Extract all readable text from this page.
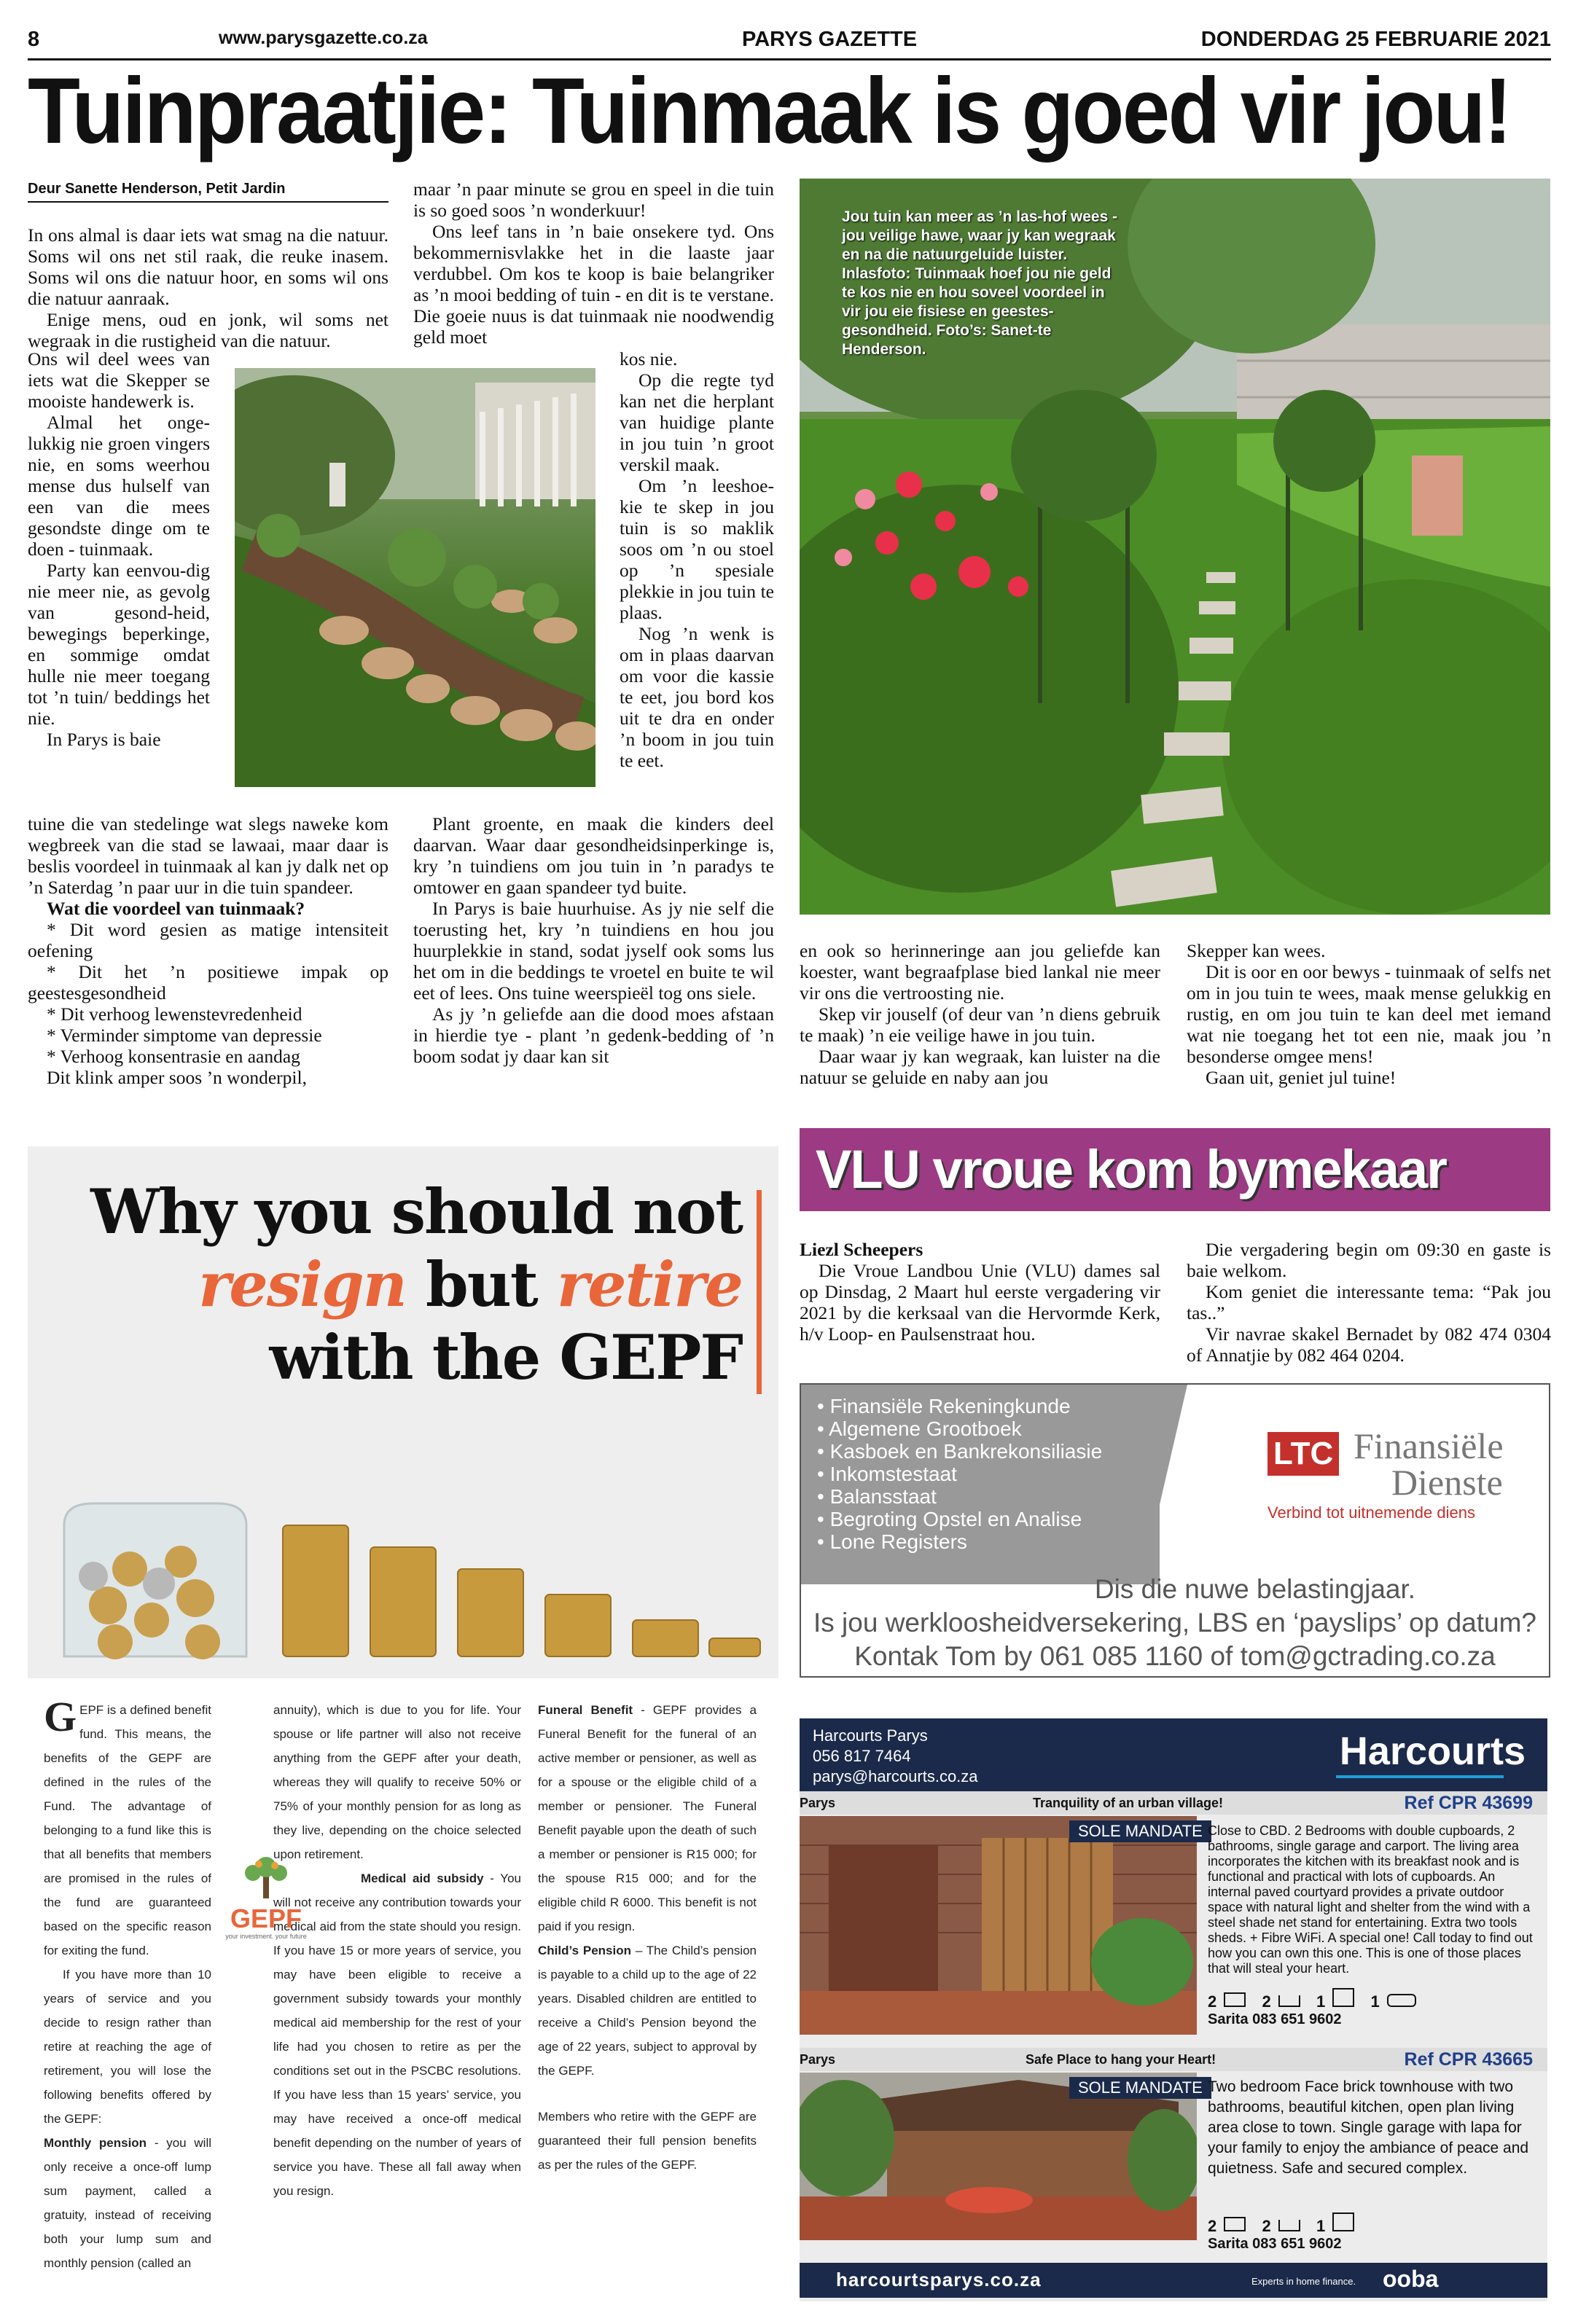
8	www.parysgazette.co.za	PARYS GAZETTE	DONDERDAG 25 FEBRUARIE 2021
Tuinpraatjie: Tuinmaak is goed vir jou!
Deur Sanette Henderson, Petit Jardin

In ons almal is daar iets wat smag na die natuur. Soms wil ons net stil raak, die reuke inasem. Soms wil ons die natuur hoor, en soms wil ons die natuur aanraak.

Enige mens, oud en jonk, wil soms net wegraak in die rustigheid van die natuur.

Ons wil deel wees van iets wat die Skepper se mooiste handewerk is.

Almal het onge-lukkig nie groen vingers nie, en soms weerhou mense dus hulself van een van die mees gesondste dinge om te doen - tuinmaak.

Party kan eenvou-dig nie meer nie, as gevolg van gesond-heid, bewegings beperkinge, en sommige omdat hulle nie meer toegang tot ’n tuin/ beddings het nie.

In Parys is baie

tuine die van stedelinge wat slegs naweke kom wegbreek van die stad se lawaai, maar daar is beslis voordeel in tuinmaak al kan jy dalk net op ’n Saterdag ’n paar uur in die tuin spandeer.

Wat die voordeel van tuinmaak?

* Dit word gesien as matige intensiteit oefening

* Dit het ’n positiewe impak op geestesgesondheid

* Dit verhoog lewenstevredenheid

* Verminder simptome van depressie

* Verhoog konsentrasie en aandag

Dit klink amper soos ’n wonderpil,

maar ’n paar minute se grou en speel in die tuin is so goed soos ’n wonderkuur!

Ons leef tans in ’n baie onsekere tyd. Ons bekommernisvlakke het in die laaste jaar verdubbel. Om kos te koop is baie belangriker as ’n mooi bedding of tuin - en dit is te verstane. Die goeie nuus is dat tuinmaak nie noodwendig geld moet

kos nie.

Op die regte tyd kan net die herplant van huidige plante in jou tuin ’n groot verskil maak.

Om ’n leeshoe-kie te skep in jou tuin is so maklik soos om ’n ou stoel op ’n spesiale plekkie in jou tuin te plaas.

Nog ’n wenk is om in plaas daarvan om voor die kassie te eet, jou bord kos uit te dra en onder ’n boom in jou tuin te eet.

Plant groente, en maak die kinders deel daarvan. Waar daar gesondheidsinperkinge is, kry ’n tuindiens om jou tuin in ’n paradys te omtower en gaan spandeer tyd buite.

In Parys is baie huurhuise. As jy nie self die toerusting het, kry ’n tuindiens en hou jou huurplekkie in stand, sodat jyself ook soms lus het om in die beddings te vroetel en buite te wil eet of lees. Ons tuine weerspieël tog ons siele.

As jy ’n geliefde aan die dood moes afstaan in hierdie tye - plant ’n gedenk-bedding of ’n boom sodat jy daar kan sit

Jou tuin kan meer as ’n las-hof wees - jou veilige hawe, waar jy kan wegraak en na die natuurgeluide luister. Inlasfoto: Tuinmaak hoef jou nie geld te kos nie en hou soveel voordeel in vir jou eie fisiese en geestes-gesondheid. Foto’s: Sanet-te Henderson.

en ook so herinneringe aan jou geliefde kan koester, want begraafplase bied lankal nie meer vir ons die vertroosting nie.

Skep vir jouself (of deur van ’n diens gebruik te maak) ’n eie veilige hawe in jou tuin.

Daar waar jy kan wegraak, kan luister na die natuur se geluide en naby aan jou

Skepper kan wees.

Dit is oor en oor bewys - tuinmaak of selfs net om in jou tuin te wees, maak mense gelukkig en rustig, en om jou tuin te kan deel met iemand wat nie toegang het tot een nie, maak jou ’n besonderse omgee mens!

Gaan uit, geniet jul tuine!

Why you should not
resign but retire
with the GEPF

GEPF is a defined benefit fund. This means, the benefits of the GEPF are defined in the rules of the Fund. The advantage of belonging to a fund like this is that all benefits that members are promised in the rules of the fund are guaranteed based on the specific reason for exiting the fund.

If you have more than 10 years of service and you decide to resign rather than retire at reaching the age of retirement, you will lose the following benefits offered by the GEPF:

Monthly pension - you will only receive a once-off lump sum payment, called a gratuity, instead of receiving both your lump sum and monthly pension (called an

annuity), which is due to you for life. Your spouse or life partner will also not receive anything from the GEPF after your death, whereas they will qualify to receive 50% or 75% of your monthly pension for as long as they live, depending on the choice selected upon retirement.

Medical aid subsidy - You will not receive any contribution towards your medical aid from the state should you resign. If you have 15 or more years of service, you may have been eligible to receive a government subsidy towards your monthly medical aid membership for the rest of your life had you chosen to retire as per the conditions set out in the PSCBC resolutions. If you have less than 15 years’ service, you may have received a once-off medical benefit depending on the number of years of service you have. These all fall away when you resign.

Funeral Benefit - GEPF provides a Funeral Benefit for the funeral of an active member or pensioner, as well as for a spouse or the eligible child of a member or pensioner. The Funeral Benefit payable upon the death of such a member or pensioner is R15 000; for the spouse R15 000; and for the eligible child R 6000. This benefit is not paid if you resign.

Child’s Pension – The Child’s pension is payable to a child up to the age of 22 years. Disabled children are entitled to receive a Child’s Pension beyond the age of 22 years, subject to approval by the GEPF.

Members who retire with the GEPF are guaranteed their full pension benefits as per the rules of the GEPF.

GEPF
your investment. your future
VLU vroue kom bymekaar

Liezl Scheepers

Die Vroue Landbou Unie (VLU) dames sal op Dinsdag, 2 Maart hul eerste vergadering vir 2021 by die kerksaal van die Hervormde Kerk, h/v Loop- en Paulsenstraat hou.

Die vergadering begin om 09:30 en gaste is baie welkom.

Kom geniet die interessante tema: “Pak jou tas..”

Vir navrae skakel Bernadet by 082 474 0304 of Annatjie by 082 464 0204.

• Finansiële Rekeningkunde
• Algemene Grootboek
• Kasboek en Bankrekonsiliasie
• Inkomstestaat
• Balansstaat
• Begroting Opstel en Analise
• Lone Registers
LTC Finansiële
Dienste
Verbind tot uitnemende diens
Dis die nuwe belastingjaar.
Is jou werkloosheidversekering, LBS en ‘payslips’ op datum?
Kontak Tom by 061 085 1160 of tom@gctrading.co.za
Harcourts Parys
056 817 7464
parys@harcourts.co.za
Harcourts
Parys	Tranquility of an urban village!	Ref CPR 43699
SOLE MANDATE Close to CBD. 2 Bedrooms with double cupboards, 2 bathrooms, single garage and carport. The living area incorporates the kitchen with its breakfast nook and is functional and practical with lots of cupboards. An internal paved courtyard provides a private outdoor space with natural light and shelter from the wind with a steel shade net stand for entertaining. Extra two tools sheds. + Fibre WiFi. A special one! Call today to find out how you can own this one. This is one of those places that will steal your heart.
2	2	1	1
Sarita 083 651 9602
Parys	Safe Place to hang your Heart!	Ref CPR 43665
SOLE MANDATE Two bedroom Face brick townhouse with two bathrooms, beautiful kitchen, open plan living area close to town. Single garage with lapa for your family to enjoy the ambiance of peace and quietness. Safe and secured complex.
2	2	1
Sarita 083 651 9602
harcourtsparys.co.za	Experts in home finance. ooba
